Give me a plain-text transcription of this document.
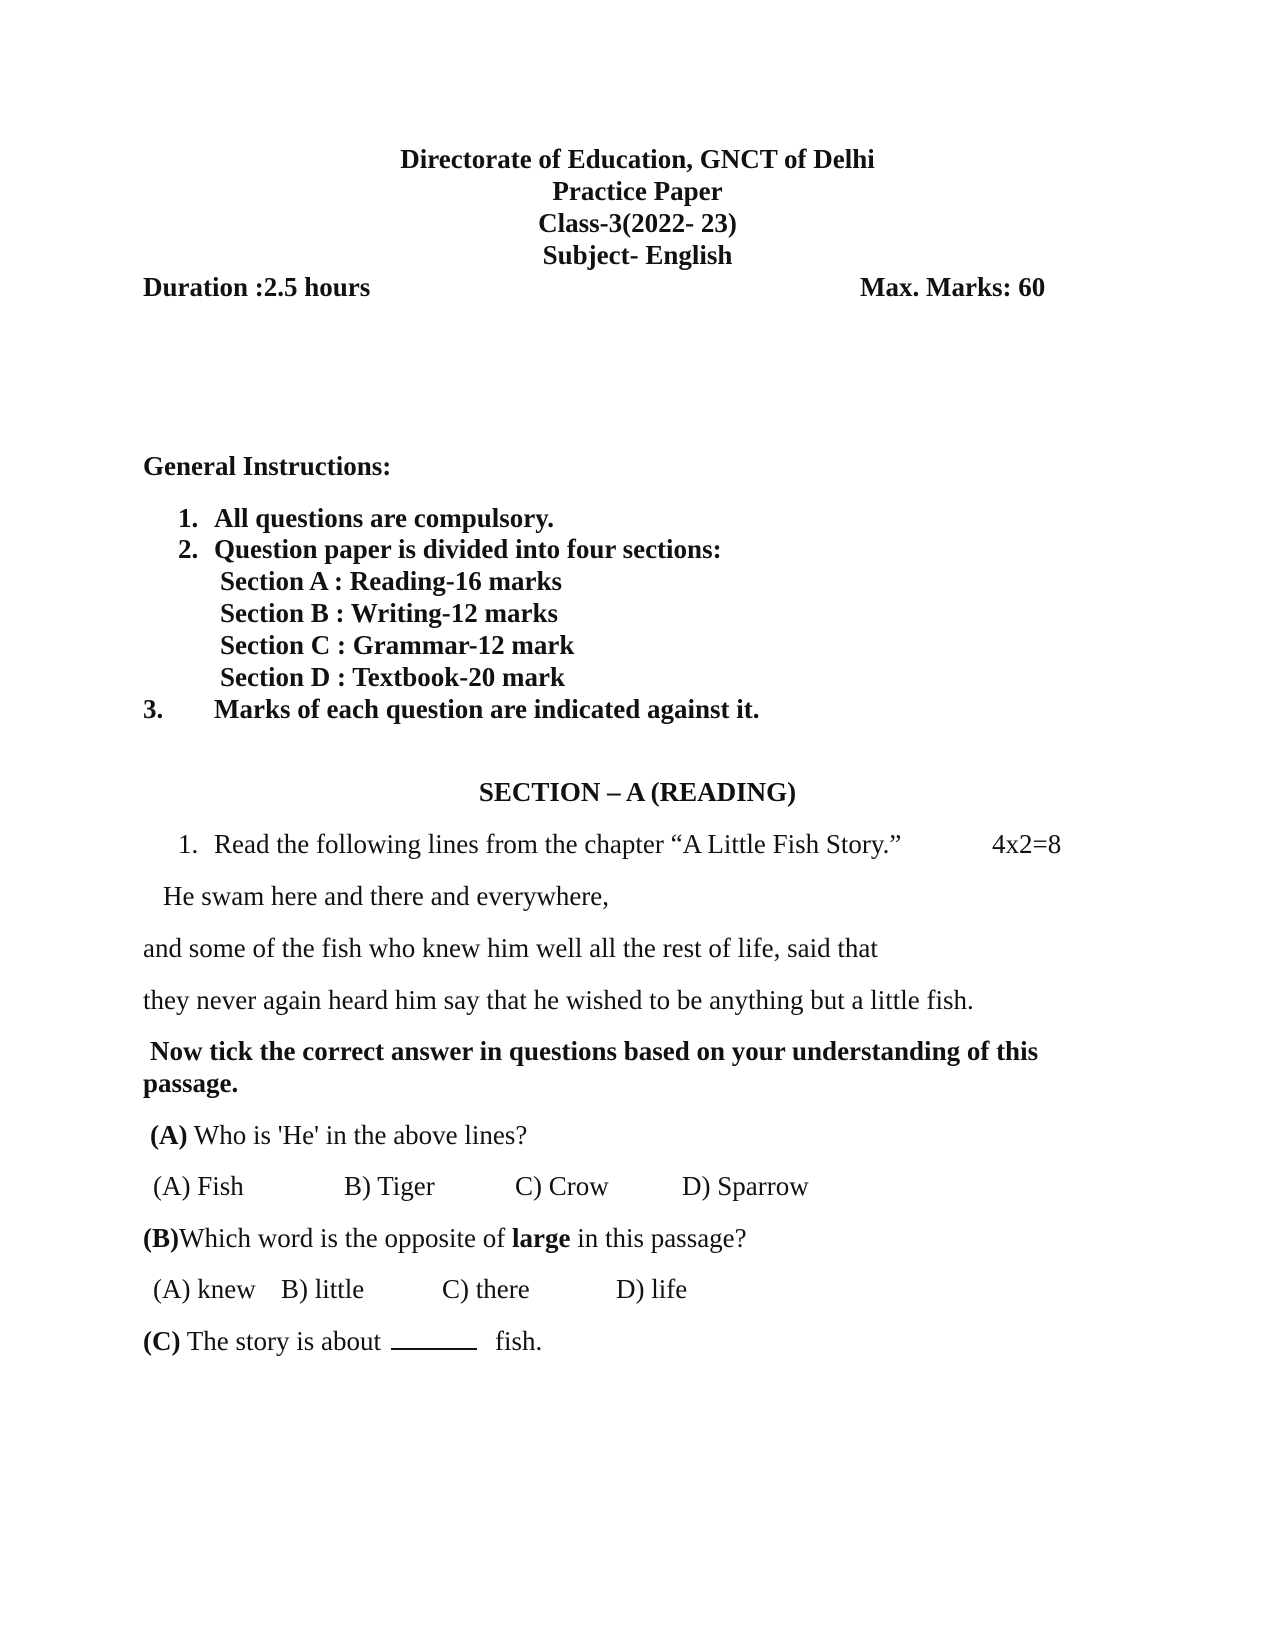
Directorate of Education, GNCT of Delhi
Practice Paper
Class-3(2022- 23)
Subject- English
Duration :2.5 hours	Max. Marks: 60
General Instructions:
1. All questions are compulsory.
2. Question paper is divided into four sections:
Section A : Reading-16 marks
Section B : Writing-12 marks
Section C : Grammar-12 mark
Section D : Textbook-20 mark
3. Marks of each question are indicated against it.
SECTION – A (READING)
1. Read the following lines from the chapter “A Little Fish Story.”	4x2=8
He swam here and there and everywhere,
and some of the fish who knew him well all the rest of life, said that
they never again heard him say that he wished to be anything but a little fish.
Now tick the correct answer in questions based on your understanding of this
passage.
(A) Who is 'He' in the above lines?
(A) Fish	B) Tiger	C) Crow	D) Sparrow
(B)Which word is the opposite of large in this passage?
(A) knew B) little	C) there	D) life
(C) The story is about	fish.
